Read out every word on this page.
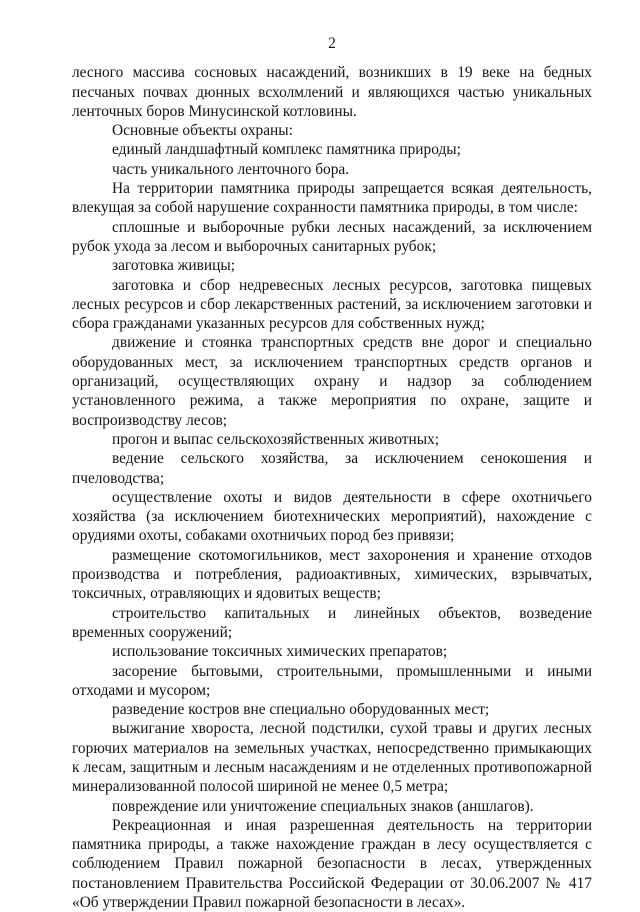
2

лесного массива сосновых насаждений, возникших в 19 веке на бедных песчаных почвах дюнных всхолмлений и являющихся частью уникальных ленточных боров Минусинской котловины.

Основные объекты охраны:

единый ландшафтный комплекс памятника природы;

часть уникального ленточного бора.

На территории памятника природы запрещается всякая деятельность, влекущая за собой нарушение сохранности памятника природы, в том числе:

сплошные и выборочные рубки лесных насаждений, за исключением рубок ухода за лесом и выборочных санитарных рубок;

заготовка живицы;

заготовка и сбор недревесных лесных ресурсов, заготовка пищевых лесных ресурсов и сбор лекарственных растений, за исключением заготовки и сбора гражданами указанных ресурсов для собственных нужд;

движение и стоянка транспортных средств вне дорог и специально оборудованных мест, за исключением транспортных средств органов и организаций, осуществляющих охрану и надзор за соблюдением установленного режима, а также мероприятия по охране, защите и воспроизводству лесов;

прогон и выпас сельскохозяйственных животных;

ведение сельского хозяйства, за исключением сенокошения и пчеловодства;

осуществление охоты и видов деятельности в сфере охотничьего хозяйства (за исключением биотехнических мероприятий), нахождение с орудиями охоты, собаками охотничьих пород без привязи;

размещение скотомогильников, мест захоронения и хранение отходов производства и потребления, радиоактивных, химических, взрывчатых, токсичных, отравляющих и ядовитых веществ;

строительство капитальных и линейных объектов, возведение временных сооружений;

использование токсичных химических препаратов;

засорение бытовыми, строительными, промышленными и иными отходами и мусором;

разведение костров вне специально оборудованных мест;

выжигание хвороста, лесной подстилки, сухой травы и других лесных горючих материалов на земельных участках, непосредственно примыкающих к лесам, защитным и лесным насаждениям и не отделенных противопожарной минерализованной полосой шириной не менее 0,5 метра;

повреждение или уничтожение специальных знаков (аншлагов).

Рекреационная и иная разрешенная деятельность на территории памятника природы, а также нахождение граждан в лесу осуществляется с соблюдением Правил пожарной безопасности в лесах, утвержденных постановлением Правительства Российской Федерации от 30.06.2007 № 417 «Об утверждении Правил пожарной безопасности в лесах».
